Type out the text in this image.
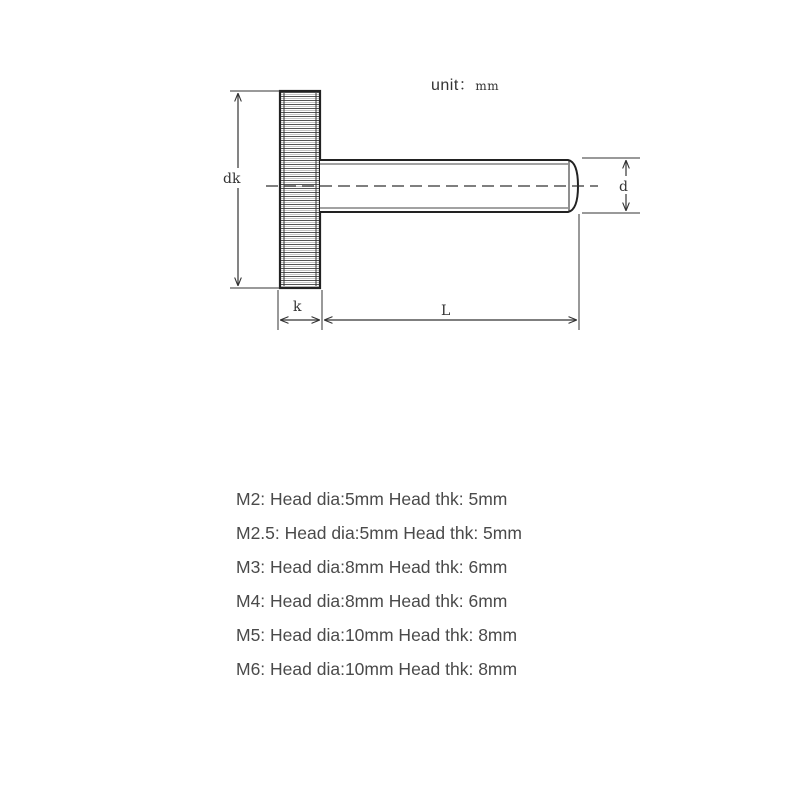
dk	d
k	L
unit：mm
M2: Head dia:5mm Head thk: 5mm
M2.5: Head dia:5mm Head thk: 5mm
M3: Head dia:8mm Head thk: 6mm
M4: Head dia:8mm Head thk: 6mm
M5: Head dia:10mm Head thk: 8mm
M6: Head dia:10mm Head thk: 8mm
